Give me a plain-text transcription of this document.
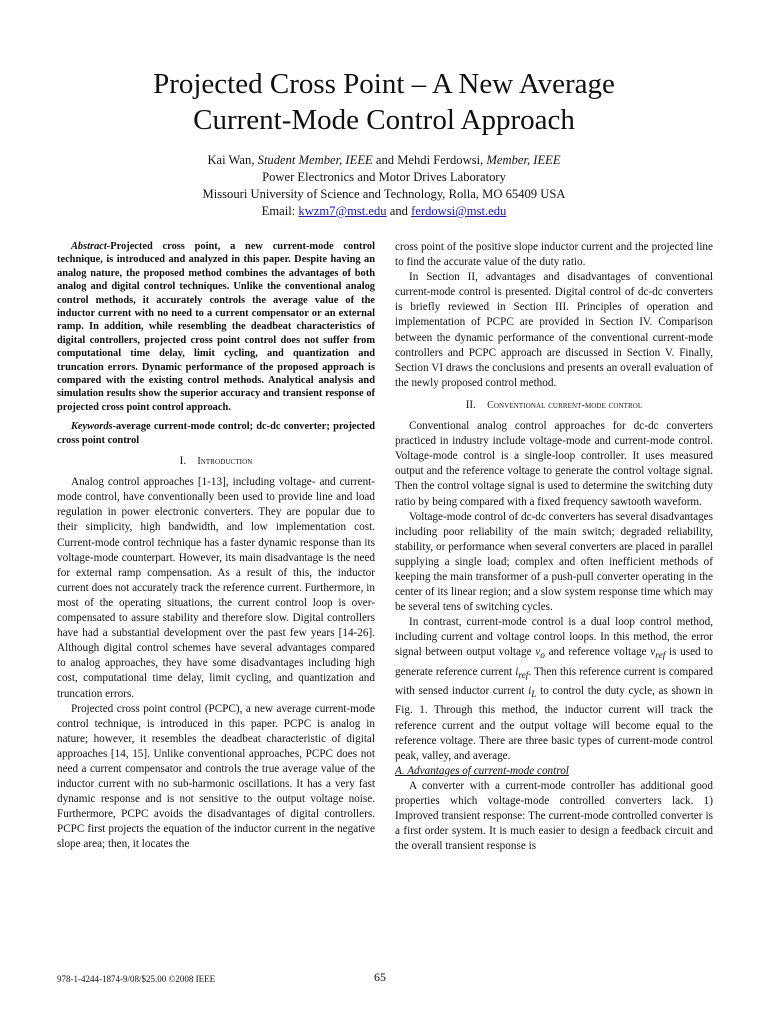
Projected Cross Point – A New Average
Current-Mode Control Approach
Kai Wan, Student Member, IEEE and Mehdi Ferdowsi, Member, IEEE
Power Electronics and Motor Drives Laboratory
Missouri University of Science and Technology, Rolla, MO 65409 USA
Email: kwzm7@mst.edu and ferdowsi@mst.edu

Abstract-Projected cross point, a new current-mode control technique, is introduced and analyzed in this paper. Despite having an analog nature, the proposed method combines the advantages of both analog and digital control techniques. Unlike the conventional analog control methods, it accurately controls the average value of the inductor current with no need to a current compensator or an external ramp. In addition, while resembling the deadbeat characteristics of digital controllers, projected cross point control does not suffer from computational time delay, limit cycling, and quantization and truncation errors. Dynamic performance of the proposed approach is compared with the existing control methods. Analytical analysis and simulation results show the superior accuracy and transient response of projected cross point control approach.

Keywords-average current-mode control; dc-dc converter; projected cross point control

I. Introduction

Analog control approaches [1-13], including voltage- and current-mode control, have conventionally been used to provide line and load regulation in power electronic converters. They are popular due to their simplicity, high bandwidth, and low implementation cost. Current-mode control technique has a faster dynamic response than its voltage-mode counterpart. However, its main disadvantage is the need for external ramp compensation. As a result of this, the inductor current does not accurately track the reference current. Furthermore, in most of the operating situations, the current control loop is over-compensated to assure stability and therefore slow. Digital controllers have had a substantial development over the past few years [14-26]. Although digital control schemes have several advantages compared to analog approaches, they have some disadvantages including high cost, computational time delay, limit cycling, and quantization and truncation errors.

Projected cross point control (PCPC), a new average current-mode control technique, is introduced in this paper. PCPC is analog in nature; however, it resembles the deadbeat characteristic of digital approaches [14, 15]. Unlike conventional approaches, PCPC does not need a current compensator and controls the true average value of the inductor current with no sub-harmonic oscillations. It has a very fast dynamic response and is not sensitive to the output voltage noise. Furthermore, PCPC avoids the disadvantages of digital controllers. PCPC first projects the equation of the inductor current in the negative slope area; then, it locates the

cross point of the positive slope inductor current and the projected line to find the accurate value of the duty ratio.

In Section II, advantages and disadvantages of conventional current-mode control is presented. Digital control of dc-dc converters is briefly reviewed in Section III. Principles of operation and implementation of PCPC are provided in Section IV. Comparison between the dynamic performance of the conventional current-mode controllers and PCPC approach are discussed in Section V. Finally, Section VI draws the conclusions and presents an overall evaluation of the newly proposed control method.

II. Conventional current-mode control

Conventional analog control approaches for dc-dc converters practiced in industry include voltage-mode and current-mode control. Voltage-mode control is a single-loop controller. It uses measured output and the reference voltage to generate the control voltage signal. Then the control voltage signal is used to determine the switching duty ratio by being compared with a fixed frequency sawtooth waveform.

Voltage-mode control of dc-dc converters has several disadvantages including poor reliability of the main switch; degraded reliability, stability, or performance when several converters are placed in parallel supplying a single load; complex and often inefficient methods of keeping the main transformer of a push-pull converter operating in the center of its linear region; and a slow system response time which may be several tens of switching cycles.

In contrast, current-mode control is a dual loop control method, including current and voltage control loops. In this method, the error signal between output voltage $v_o$ and reference voltage $v_{ref}$ is used to generate reference current $i_{ref}$. Then this reference current is compared with sensed inductor current $i_L$ to control the duty cycle, as shown in Fig. 1. Through this method, the inductor current will track the reference current and the output voltage will become equal to the reference voltage. There are three basic types of current-mode control peak, valley, and average.

A. Advantages of current-mode control

A converter with a current-mode controller has additional good properties which voltage-mode controlled converters lack. 1) Improved transient response: The current-mode controlled converter is a first order system. It is much easier to design a feedback circuit and the overall transient response is

978-1-4244-1874-9/08/$25.00 ©2008 IEEE	65
